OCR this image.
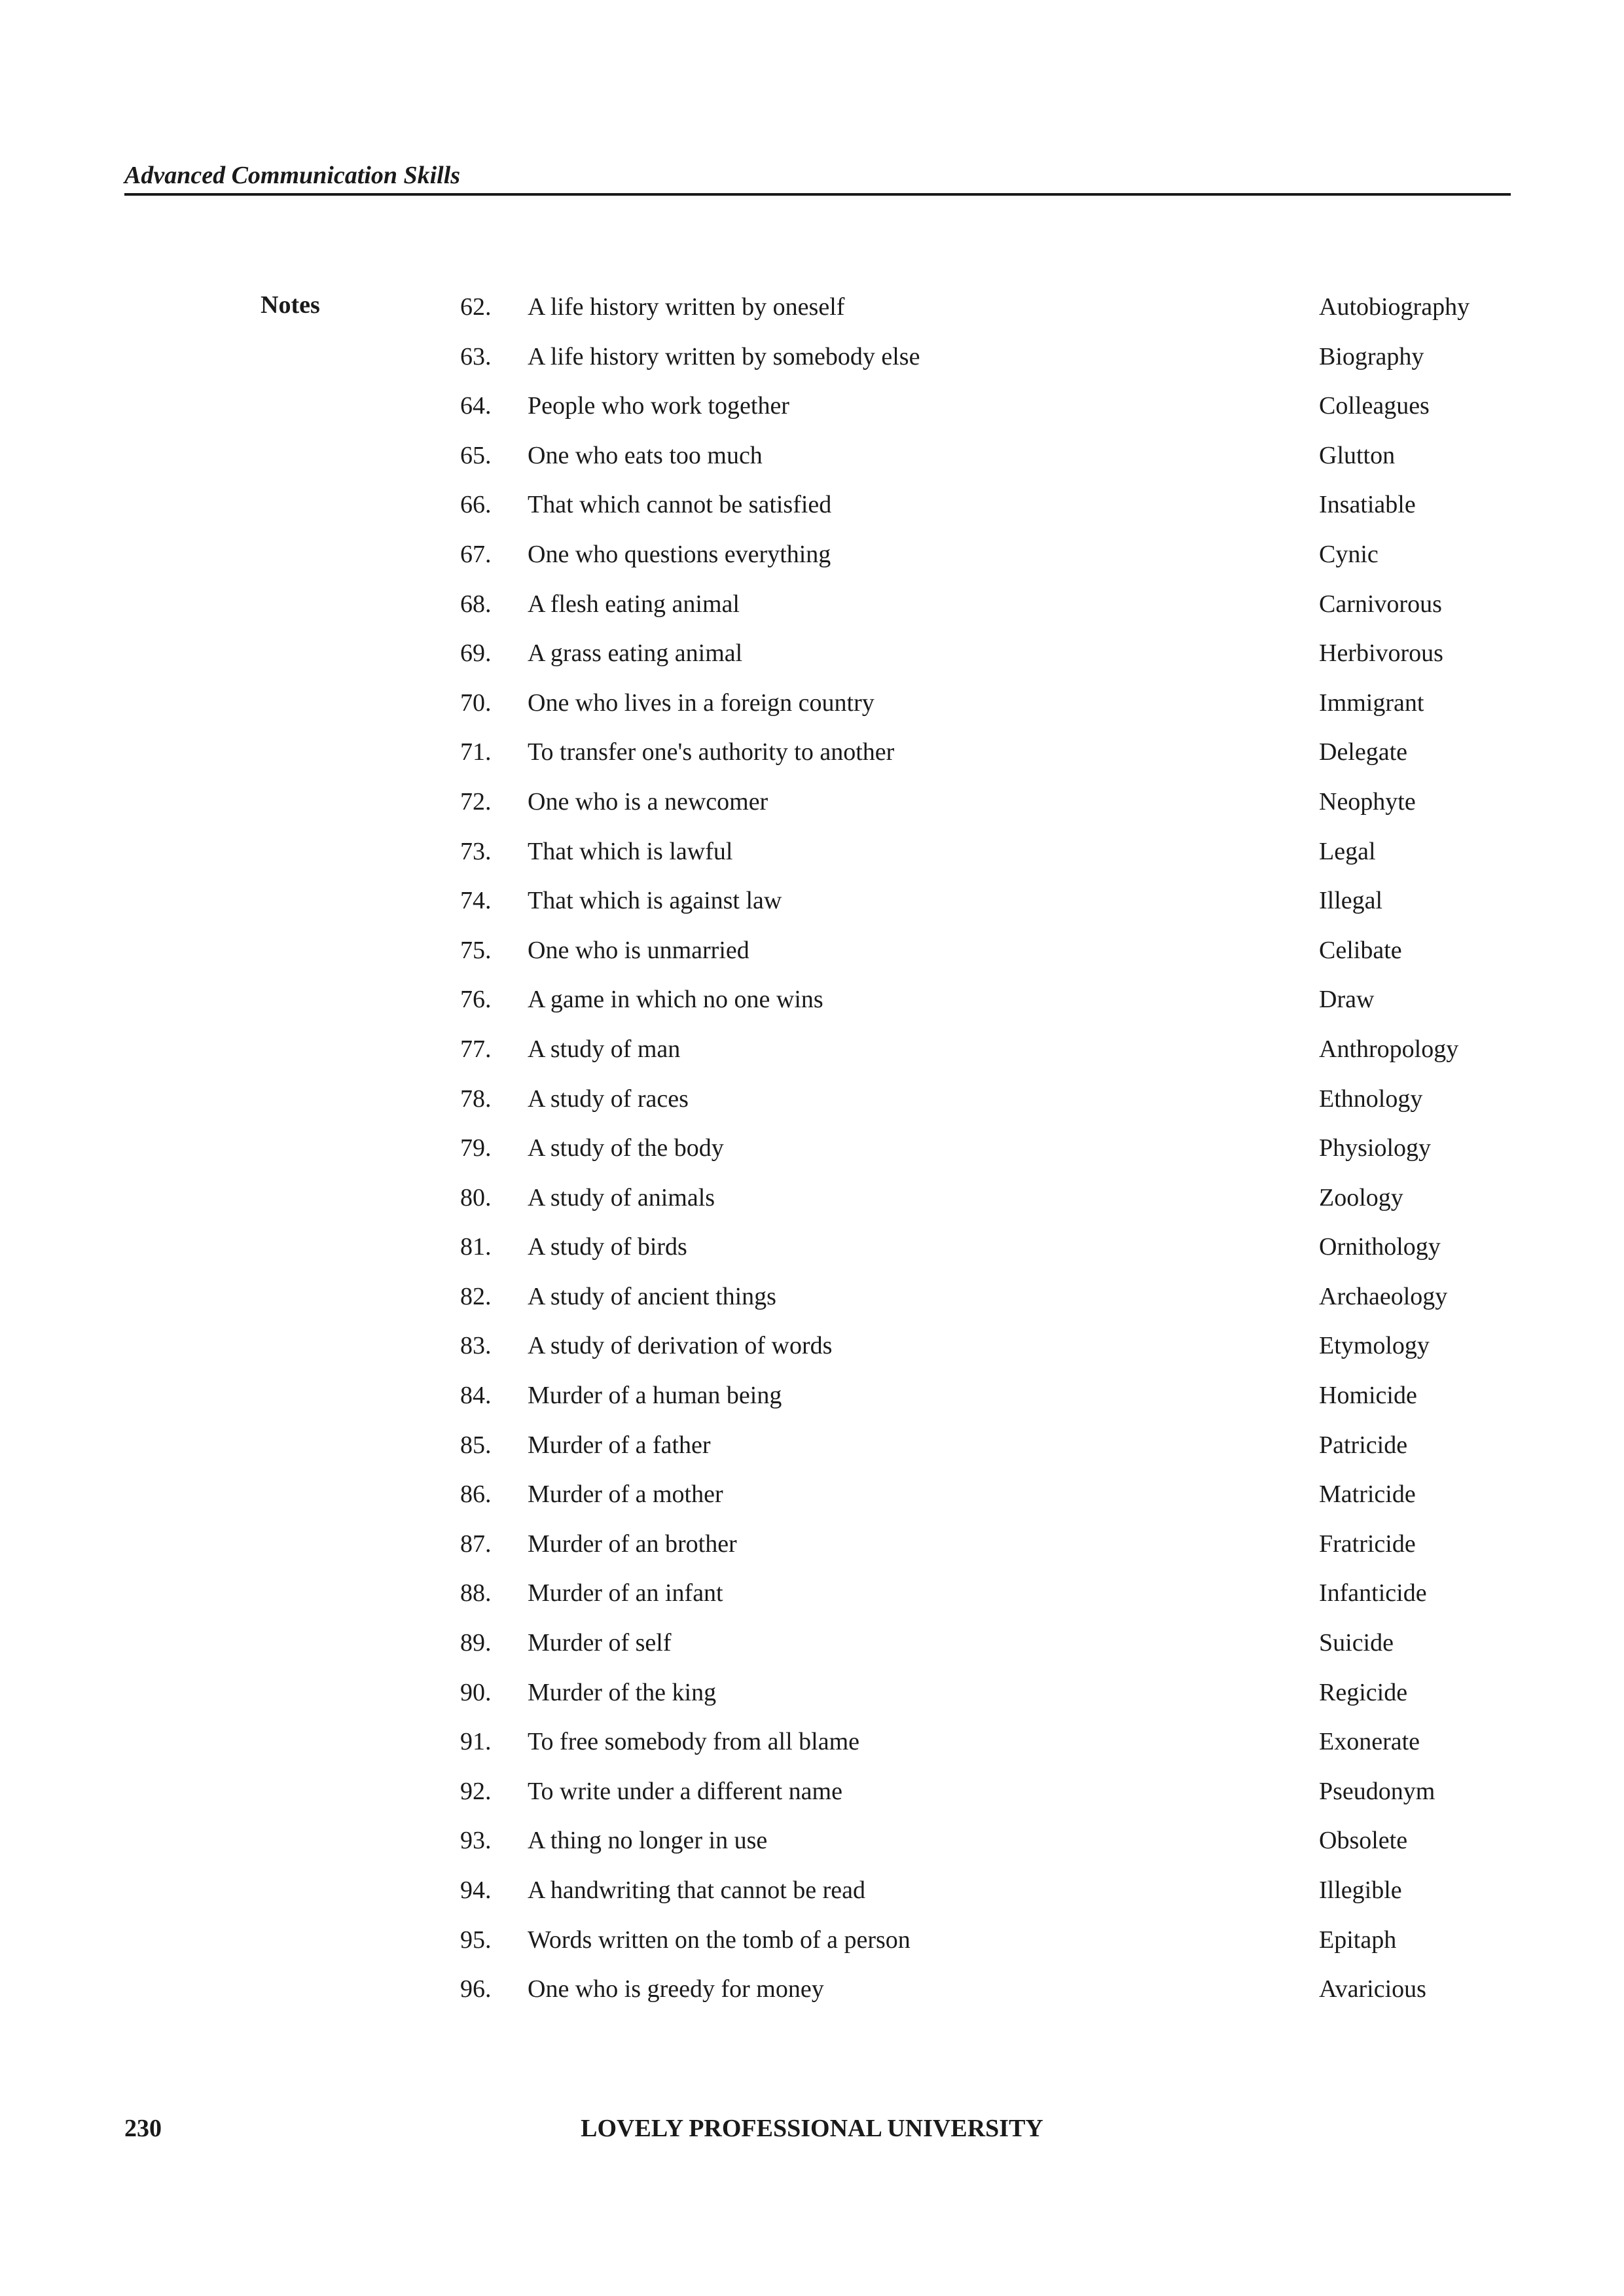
Advanced Communication Skills
Notes	62. A life history written by oneself	Autobiography
63. A life history written by somebody else	Biography
64. People who work together	Colleagues
65. One who eats too much	Glutton
66. That which cannot be satisfied	Insatiable
67. One who questions everything	Cynic
68. A flesh eating animal	Carnivorous
69. A grass eating animal	Herbivorous
70. One who lives in a foreign country	Immigrant
71. To transfer one's authority to another	Delegate
72. One who is a newcomer	Neophyte
73. That which is lawful	Legal
74. That which is against law	Illegal
75. One who is unmarried	Celibate
76. A game in which no one wins	Draw
77. A study of man	Anthropology
78. A study of races	Ethnology
79. A study of the body	Physiology
80. A study of animals	Zoology
81. A study of birds	Ornithology
82. A study of ancient things	Archaeology
83. A study of derivation of words	Etymology
84. Murder of a human being	Homicide
85. Murder of a father	Patricide
86. Murder of a mother	Matricide
87. Murder of an brother	Fratricide
88. Murder of an infant	Infanticide
89. Murder of self	Suicide
90. Murder of the king	Regicide
91. To free somebody from all blame	Exonerate
92. To write under a different name	Pseudonym
93. A thing no longer in use	Obsolete
94. A handwriting that cannot be read	Illegible
95. Words written on the tomb of a person	Epitaph
96. One who is greedy for money	Avaricious
230	LOVELY PROFESSIONAL UNIVERSITY
